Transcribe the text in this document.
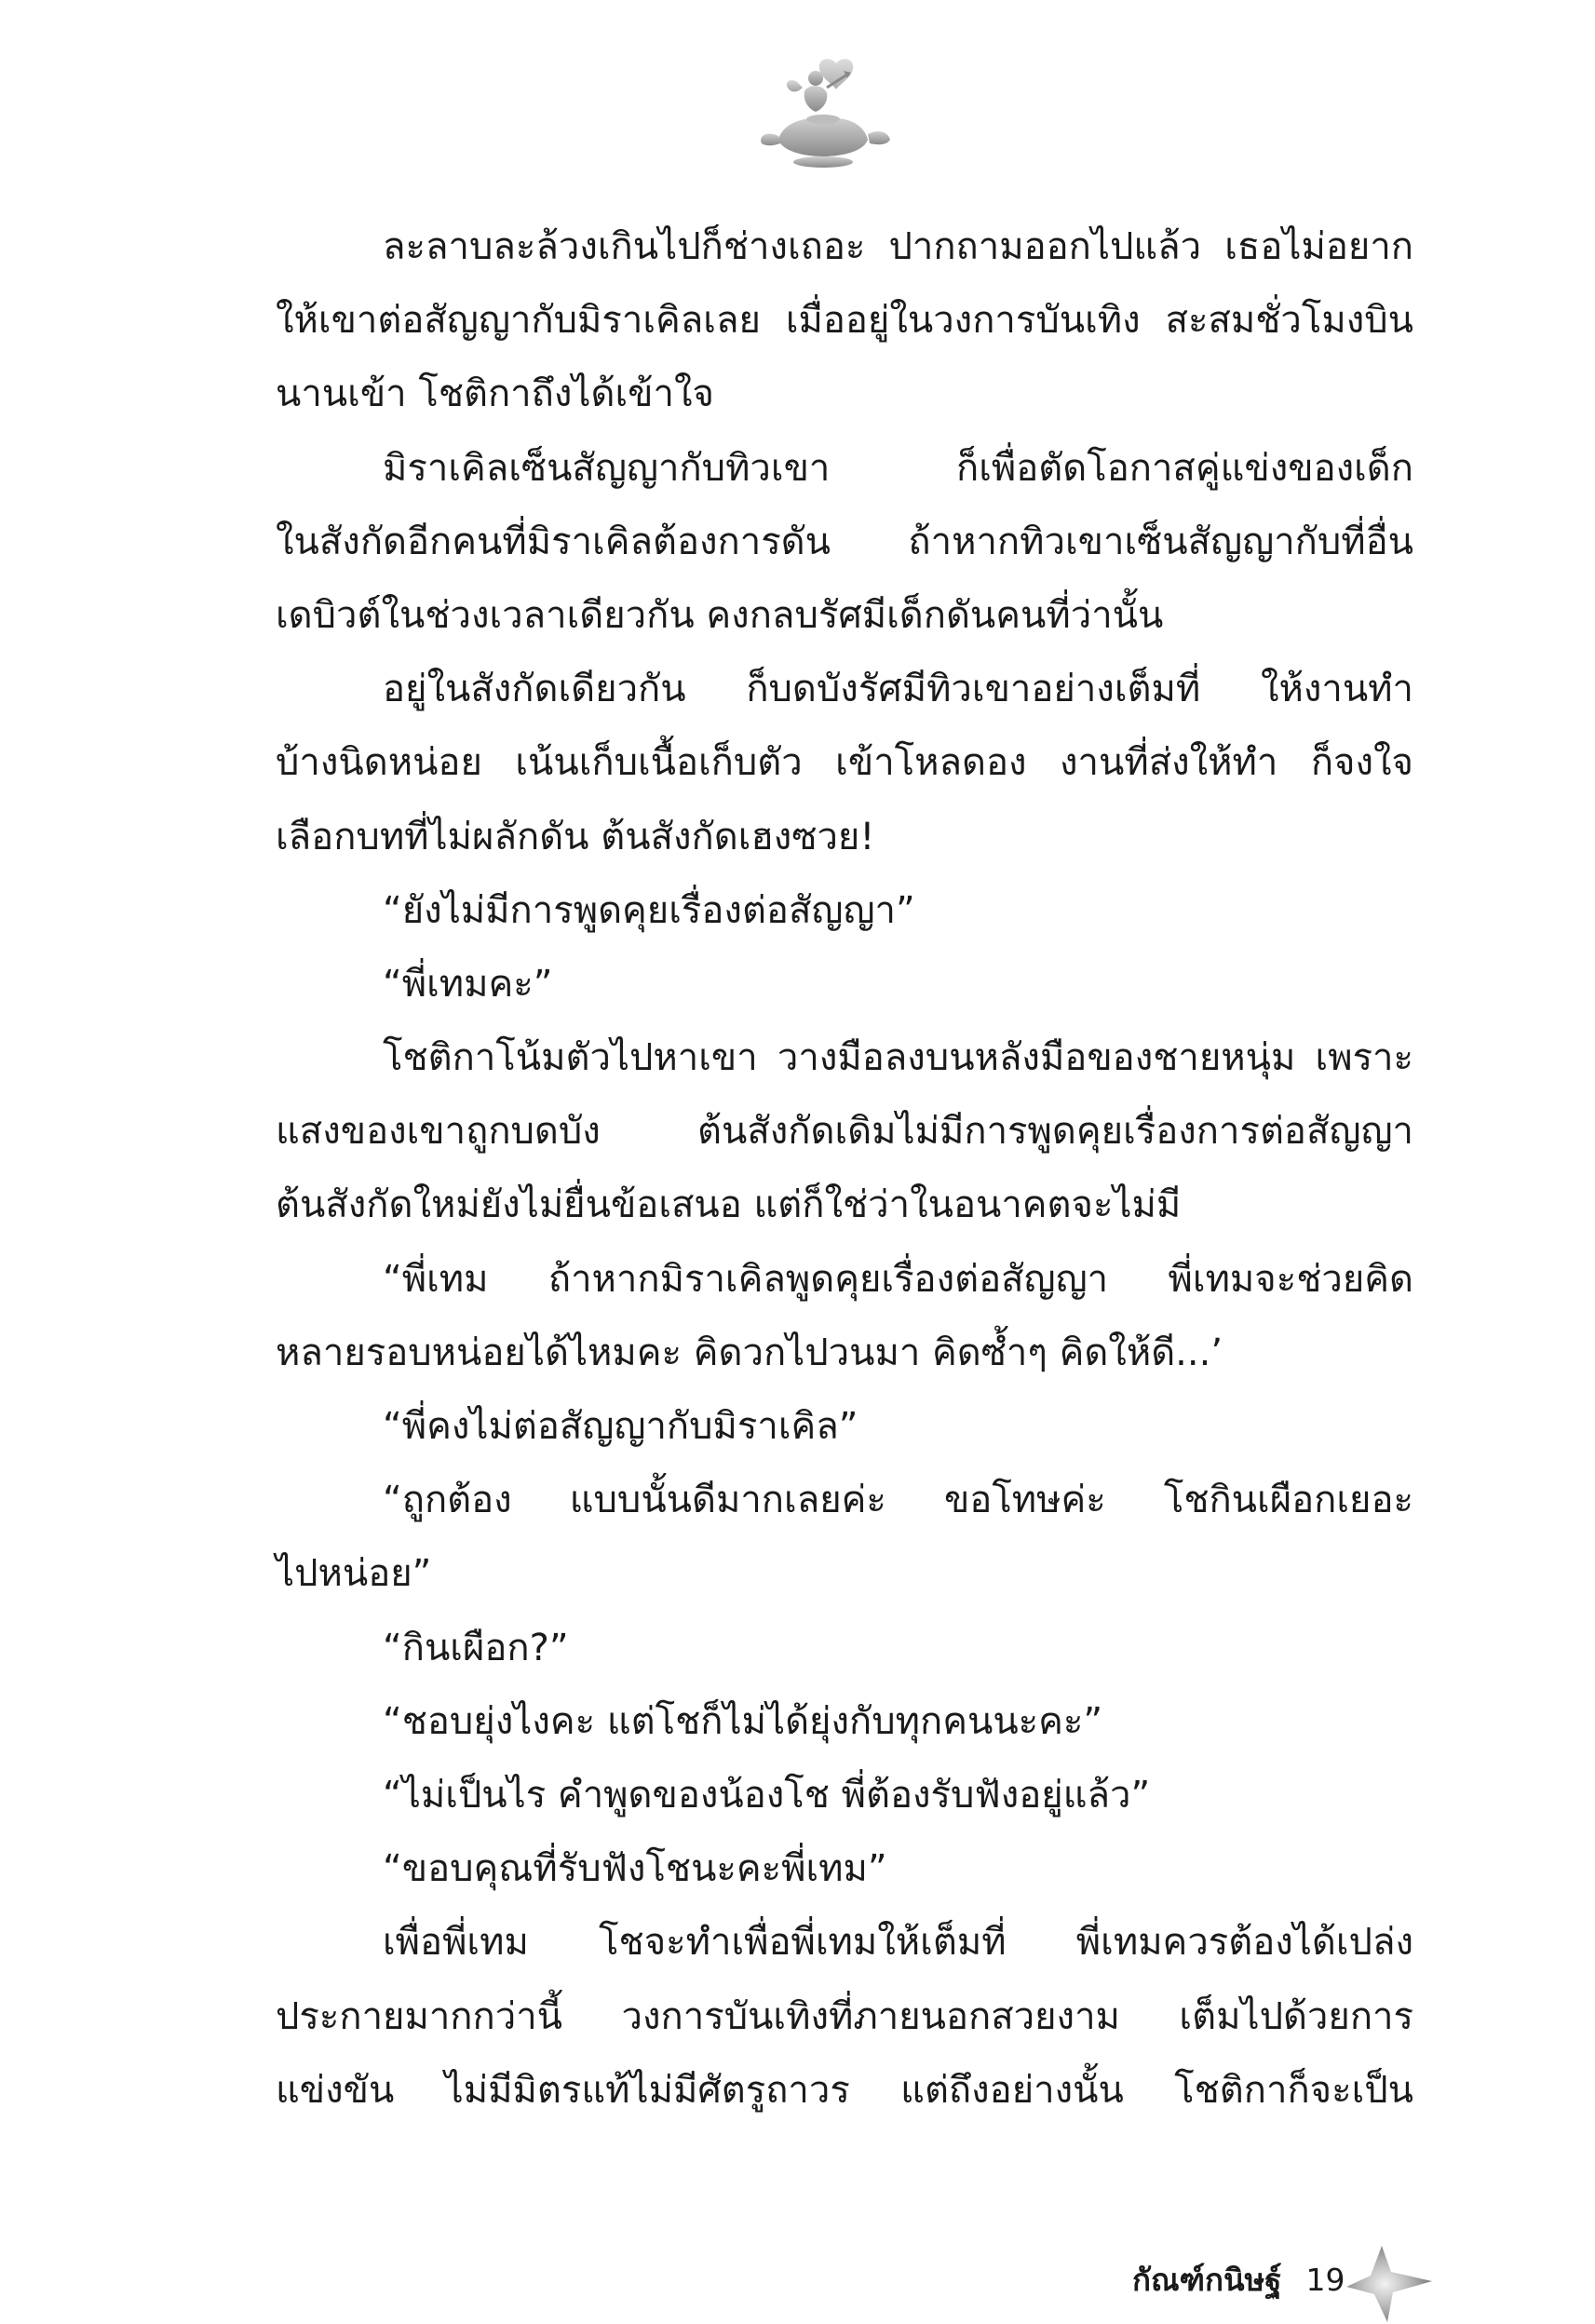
ละลาบละล้วงเกินไปก็ช่างเถอะ ปากถามออกไปแล้ว เธอไม่อยาก
ให้เขาต่อสัญญากับมิราเคิลเลย เมื่ออยู่ในวงการบันเทิง สะสมชั่วโมงบิน
นานเข้า โชติกาถึงได้เข้าใจ
มิราเคิลเซ็นสัญญากับทิวเขา ก็เพื่อตัดโอกาสคู่แข่งของเด็ก
ในสังกัดอีกคนที่มิราเคิลต้องการดัน ถ้าหากทิวเขาเซ็นสัญญากับที่อื่น
เดบิวต์ในช่วงเวลาเดียวกัน คงกลบรัศมีเด็กดันคนที่ว่านั้น
อยู่ในสังกัดเดียวกัน ก็บดบังรัศมีทิวเขาอย่างเต็มที่ ให้งานทำ
บ้างนิดหน่อย เน้นเก็บเนื้อเก็บตัว เข้าโหลดอง งานที่ส่งให้ทำ ก็จงใจ
เลือกบทที่ไม่ผลักดัน ต้นสังกัดเฮงซวย!
“ยังไม่มีการพูดคุยเรื่องต่อสัญญา”
“พี่เทมคะ”
โชติกาโน้มตัวไปหาเขา วางมือลงบนหลังมือของชายหนุ่ม เพราะ
แสงของเขาถูกบดบัง ต้นสังกัดเดิมไม่มีการพูดคุยเรื่องการต่อสัญญา
ต้นสังกัดใหม่ยังไม่ยื่นข้อเสนอ แต่ก็ใช่ว่าในอนาคตจะไม่มี
“พี่เทม ถ้าหากมิราเคิลพูดคุยเรื่องต่อสัญญา พี่เทมจะช่วยคิด
หลายรอบหน่อยได้ไหมคะ คิดวกไปวนมา คิดซ้ำๆ คิดให้ดี...’
“พี่คงไม่ต่อสัญญากับมิราเคิล”
“ถูกต้อง แบบนั้นดีมากเลยค่ะ ขอโทษค่ะ โชกินเผือกเยอะ
ไปหน่อย”
“กินเผือก?”
“ชอบยุ่งไงคะ แต่โชก็ไม่ได้ยุ่งกับทุกคนนะคะ”
“ไม่เป็นไร คำพูดของน้องโช พี่ต้องรับฟังอยู่แล้ว”
“ขอบคุณที่รับฟังโชนะคะพี่เทม”
เพื่อพี่เทม โชจะทำเพื่อพี่เทมให้เต็มที่ พี่เทมควรต้องได้เปล่ง
ประกายมากกว่านี้ วงการบันเทิงที่ภายนอกสวยงาม เต็มไปด้วยการ
แข่งขัน ไม่มีมิตรแท้ไม่มีศัตรูถาวร แต่ถึงอย่างนั้น โชติกาก็จะเป็น
กัณฑ์กนิษฐ์ 19
